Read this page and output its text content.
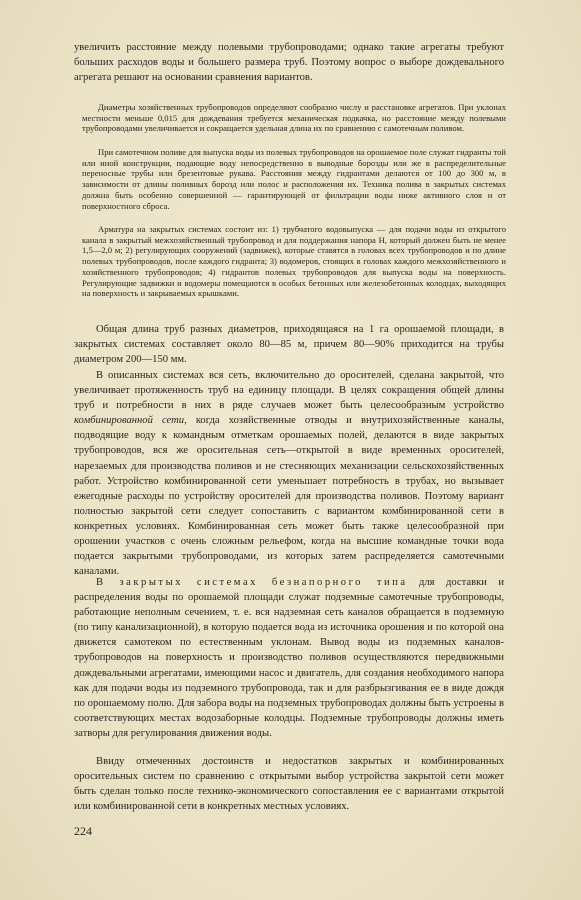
увеличить расстояние между полевыми трубопроводами; однако такие агрегаты требуют больших расходов воды и большего размера труб. Поэтому вопрос о выборе дождевального агрегата решают на основании сравнения вариантов.

Диаметры хозяйственных трубопроводов определяют сообразно числу и расстановке агрегатов. При уклонах местности меньше 0,015 для дождевания требуется механическая подкачка, но расстояние между полевыми трубопроводами увеличивается и сокращается удельная длина их по сравнению с самотечным поливом.

При самотечном поливе для выпуска воды из полевых трубопроводов на орошаемое поле служат гидранты той или иной конструкции, подающие воду непосредственно в выводные борозды или же в распределительные переносные трубы или брезентовые рукава. Расстояния между гидрантами делаются от 100 до 300 м, в зависимости от длины поливных борозд или полос и расположения их. Техника полива в закрытых системах должна быть особенно совершенной — гарантирующей от фильтрации воды ниже активного слоя и от поверхностного сброса.

Арматура на закрытых системах состоит из: 1) трубчатого водовыпуска — для подачи воды из открытого канала в закрытый межхозяйственный трубопровод и для поддержания напора H, который должен быть не менее 1,5—2,0 м; 2) регулирующих сооружений (задвижек), которые ставятся в головах всех трубопроводов и по длине полевых трубопроводов, после каждого гидранта; 3) водомеров, стоящих в головах каждого межхозяйственного и хозяйственного трубопроводов; 4) гидрантов полевых трубопроводов для выпуска воды на поверхность. Регулирующие задвижки и водомеры помещаются в особых бетонных или железобетонных колодцах, выходящих на поверхность и закрываемых крышками.

Общая длина труб разных диаметров, приходящаяся на 1 га орошаемой площади, в закрытых системах составляет около 80—85 м, причем 80—90% приходится на трубы диаметром 200—150 мм.

В описанных системах вся сеть, включительно до оросителей, сделана закрытой, что увеличивает протяженность труб на единицу площади. В целях сокращения общей длины труб и потребности в них в ряде случаев может быть целесообразным устройство комбинированной сети, когда хозяйственные отводы и внутрихозяйственные каналы, подводящие воду к командным отметкам орошаемых полей, делаются в виде закрытых трубопроводов, вся же оросительная сеть—открытой в виде временных оросителей, нарезаемых для производства поливов и не стесняющих механизации сельскохозяйственных работ. Устройство комбинированной сети уменьшает потребность в трубах, но вызывает ежегодные расходы по устройству оросителей для производства поливов. Поэтому вариант полностью закрытой сети следует сопоставить с вариантом комбинированной сети в конкретных условиях. Комбинированная сеть может быть также целесообразной при орошении участков с очень сложным рельефом, когда на высшие командные точки вода подается закрытыми трубопроводами, из которых затем распределяется самотечными каналами.

В закрытых системах безнапорного типа для доставки и распределения воды по орошаемой площади служат подземные самотечные трубопроводы, работающие неполным сечением, т. е. вся надземная сеть каналов обращается в подземную (по типу канализационной), в которую подается вода из источника орошения и по которой она движется самотеком по естественным уклонам. Вывод воды из подземных каналов-трубопроводов на поверхность и производство поливов осуществляются передвижными дождевальными агрегатами, имеющими насос и двигатель, для создания необходимого напора как для подачи воды из подземного трубопровода, так и для разбрызгивания ее в виде дождя по орошаемому полю. Для забора воды на подземных трубопроводах должны быть устроены в соответствующих местах водозаборные колодцы. Подземные трубопроводы должны иметь затворы для регулирования движения воды.

Ввиду отмеченных достоинств и недостатков закрытых и комбинированных оросительных систем по сравнению с открытыми выбор устройства закрытой сети может быть сделан только после технико-экономического сопоставления ее с вариантами открытой или комбинированной сети в конкретных местных условиях.

224
